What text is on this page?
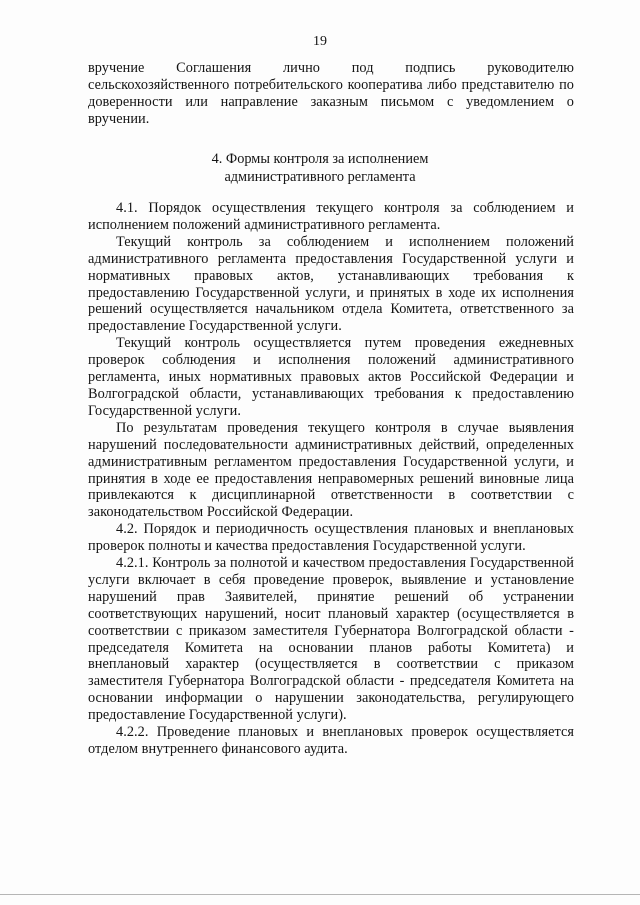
19

вручение Соглашения лично под подпись руководителю сельскохозяйственного потребительского кооператива либо представителю по доверенности или направление заказным письмом с уведомлением о вручении.

4. Формы контроля за исполнением
административного регламента

4.1. Порядок осуществления текущего контроля за соблюдением и исполнением положений административного регламента.

Текущий контроль за соблюдением и исполнением положений административного регламента предоставления Государственной услуги и нормативных правовых актов, устанавливающих требования к предоставлению Государственной услуги, и принятых в ходе их исполнения решений осуществляется начальником отдела Комитета, ответственного за предоставление Государственной услуги.

Текущий контроль осуществляется путем проведения ежедневных проверок соблюдения и исполнения положений административного регламента, иных нормативных правовых актов Российской Федерации и Волгоградской области, устанавливающих требования к предоставлению Государственной услуги.

По результатам проведения текущего контроля в случае выявления нарушений последовательности административных действий, определенных административным регламентом предоставления Государственной услуги, и принятия в ходе ее предоставления неправомерных решений виновные лица привлекаются к дисциплинарной ответственности в соответствии с законодательством Российской Федерации.

4.2. Порядок и периодичность осуществления плановых и внеплановых проверок полноты и качества предоставления Государственной услуги.

4.2.1. Контроль за полнотой и качеством предоставления Государственной услуги включает в себя проведение проверок, выявление и установление нарушений прав Заявителей, принятие решений об устранении соответствующих нарушений, носит плановый характер (осуществляется в соответствии с приказом заместителя Губернатора Волгоградской области - председателя Комитета на основании планов работы Комитета) и внеплановый характер (осуществляется в соответствии с приказом заместителя Губернатора Волгоградской области - председателя Комитета на основании информации о нарушении законодательства, регулирующего предоставление Государственной услуги).

4.2.2. Проведение плановых и внеплановых проверок осуществляется отделом внутреннего финансового аудита.
